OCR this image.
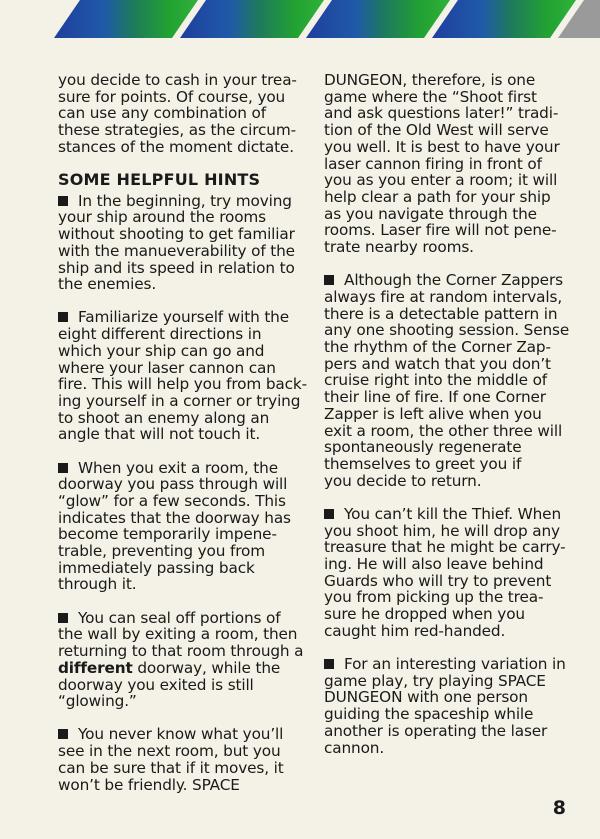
you decide to cash in your trea-
sure for points. Of course, you
can use any combination of
these strategies, as the circum-
stances of the moment dictate.
SOME HELPFUL HINTS
In the beginning, try moving
your ship around the rooms
without shooting to get familiar
with the manueverability of the
ship and its speed in relation to
the enemies.
Familiarize yourself with the
eight different directions in
which your ship can go and
where your laser cannon can
fire. This will help you from back-
ing yourself in a corner or trying
to shoot an enemy along an
angle that will not touch it.
When you exit a room, the
doorway you pass through will
“glow” for a few seconds. This
indicates that the doorway has
become temporarily impene-
trable, preventing you from
immediately passing back
through it.
You can seal off portions of
the wall by exiting a room, then
returning to that room through a
different doorway, while the
doorway you exited is still
“glowing.”
You never know what you’ll
see in the next room, but you
can be sure that if it moves, it
won’t be friendly. SPACE
DUNGEON, therefore, is one
game where the “Shoot first
and ask questions later!” tradi-
tion of the Old West will serve
you well. It is best to have your
laser cannon firing in front of
you as you enter a room; it will
help clear a path for your ship
as you navigate through the
rooms. Laser fire will not pene-
trate nearby rooms.
Although the Corner Zappers
always fire at random intervals,
there is a detectable pattern in
any one shooting session. Sense
the rhythm of the Corner Zap-
pers and watch that you don’t
cruise right into the middle of
their line of fire. If one Corner
Zapper is left alive when you
exit a room, the other three will
spontaneously regenerate
themselves to greet you if
you decide to return.
You can’t kill the Thief. When
you shoot him, he will drop any
treasure that he might be carry-
ing. He will also leave behind
Guards who will try to prevent
you from picking up the trea-
sure he dropped when you
caught him red-handed.
For an interesting variation in
game play, try playing SPACE
DUNGEON with one person
guiding the spaceship while
another is operating the laser
cannon.
8
